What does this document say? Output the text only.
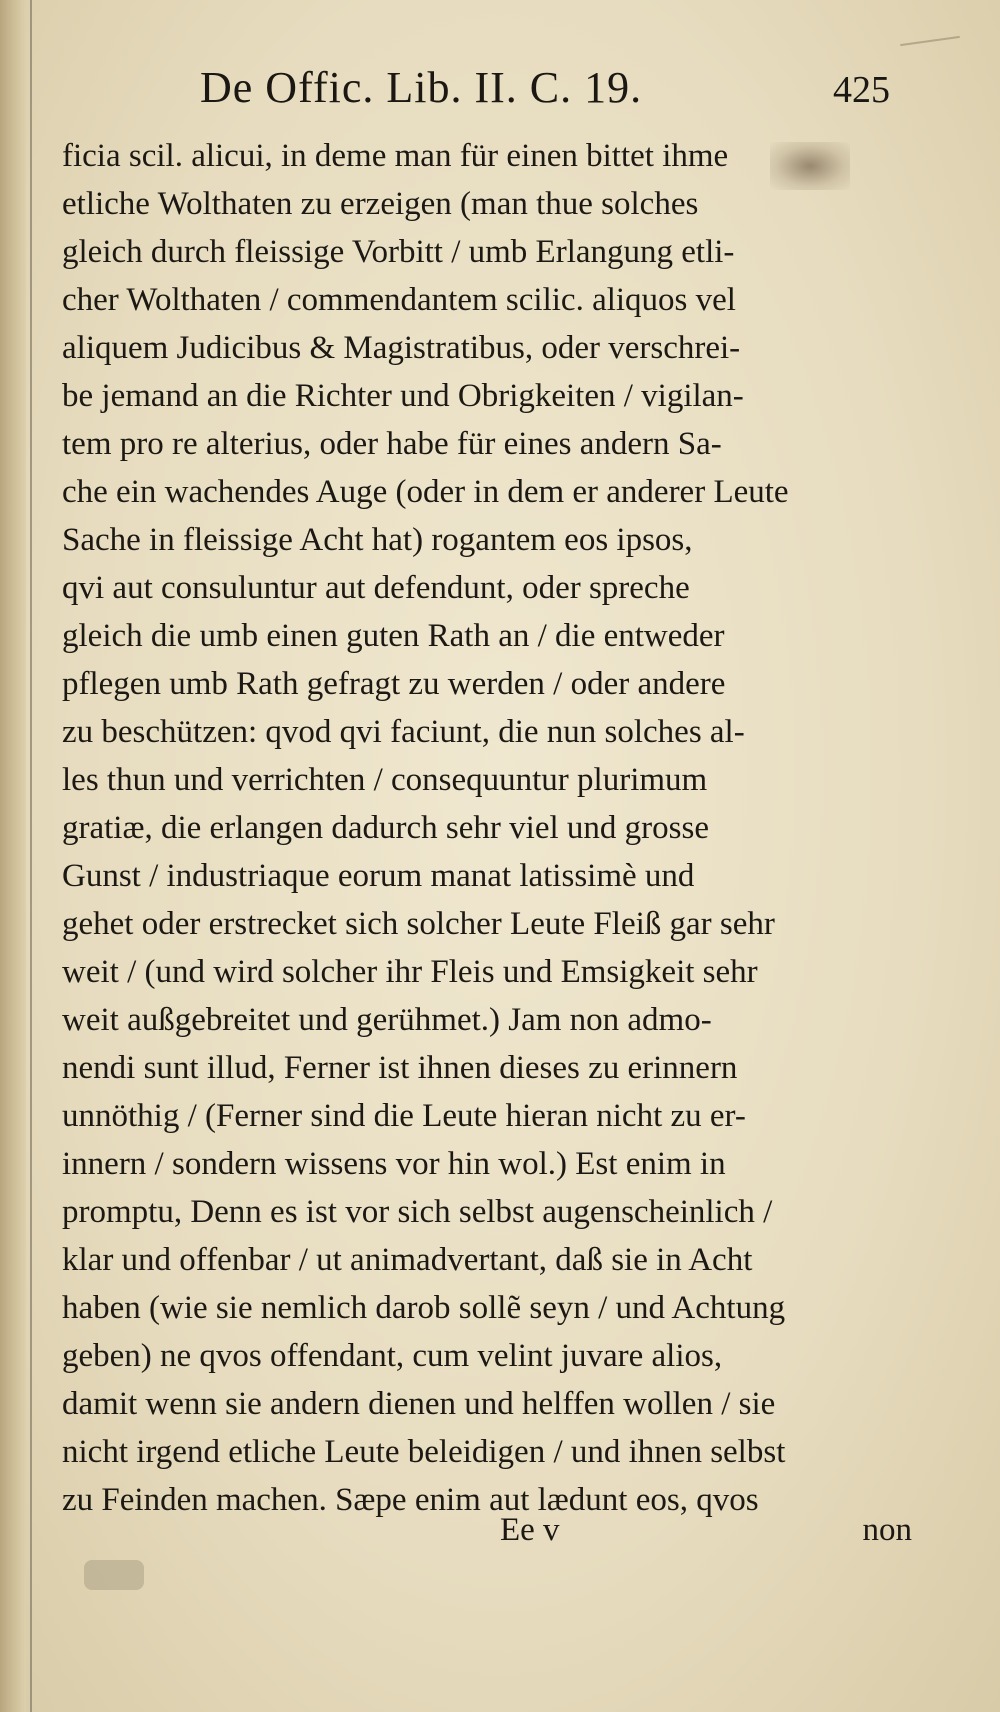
De Offic. Lib. II. C. 19.	425
ficia scil. alicui, in deme man für einen bittet ihme
etliche Wolthaten zu erzeigen (man thue solches
gleich durch fleissige Vorbitt / umb Erlangung etli-
cher Wolthaten / commendantem scilic. aliquos vel
aliquem Judicibus & Magistratibus, oder verschrei-
be jemand an die Richter und Obrigkeiten / vigilan-
tem pro re alterius, oder habe für eines andern Sa-
che ein wachendes Auge (oder in dem er anderer Leute
Sache in fleissige Acht hat) rogantem eos ipsos,
qvi aut consuluntur aut defendunt, oder spreche
gleich die umb einen guten Rath an / die entweder
pflegen umb Rath gefragt zu werden / oder andere
zu beschützen: qvod qvi faciunt, die nun solches al-
les thun und verrichten / consequuntur plurimum
gratiæ, die erlangen dadurch sehr viel und grosse
Gunst / industriaque eorum manat latissimè und
gehet oder erstrecket sich solcher Leute Fleiß gar sehr
weit / (und wird solcher ihr Fleis und Emsigkeit sehr
weit außgebreitet und gerühmet.) Jam non admo-
nendi sunt illud, Ferner ist ihnen dieses zu erinnern
unnöthig / (Ferner sind die Leute hieran nicht zu er-
innern / sondern wissens vor hin wol.) Est enim in
promptu, Denn es ist vor sich selbst augenscheinlich /
klar und offenbar / ut animadvertant, daß sie in Acht
haben (wie sie nemlich darob sollẽ seyn / und Achtung
geben) ne qvos offendant, cum velint juvare alios,
damit wenn sie andern dienen und helffen wollen / sie
nicht irgend etliche Leute beleidigen / und ihnen selbst
zu Feinden machen. Sæpe enim aut lædunt eos, qvos
Ee v	non
